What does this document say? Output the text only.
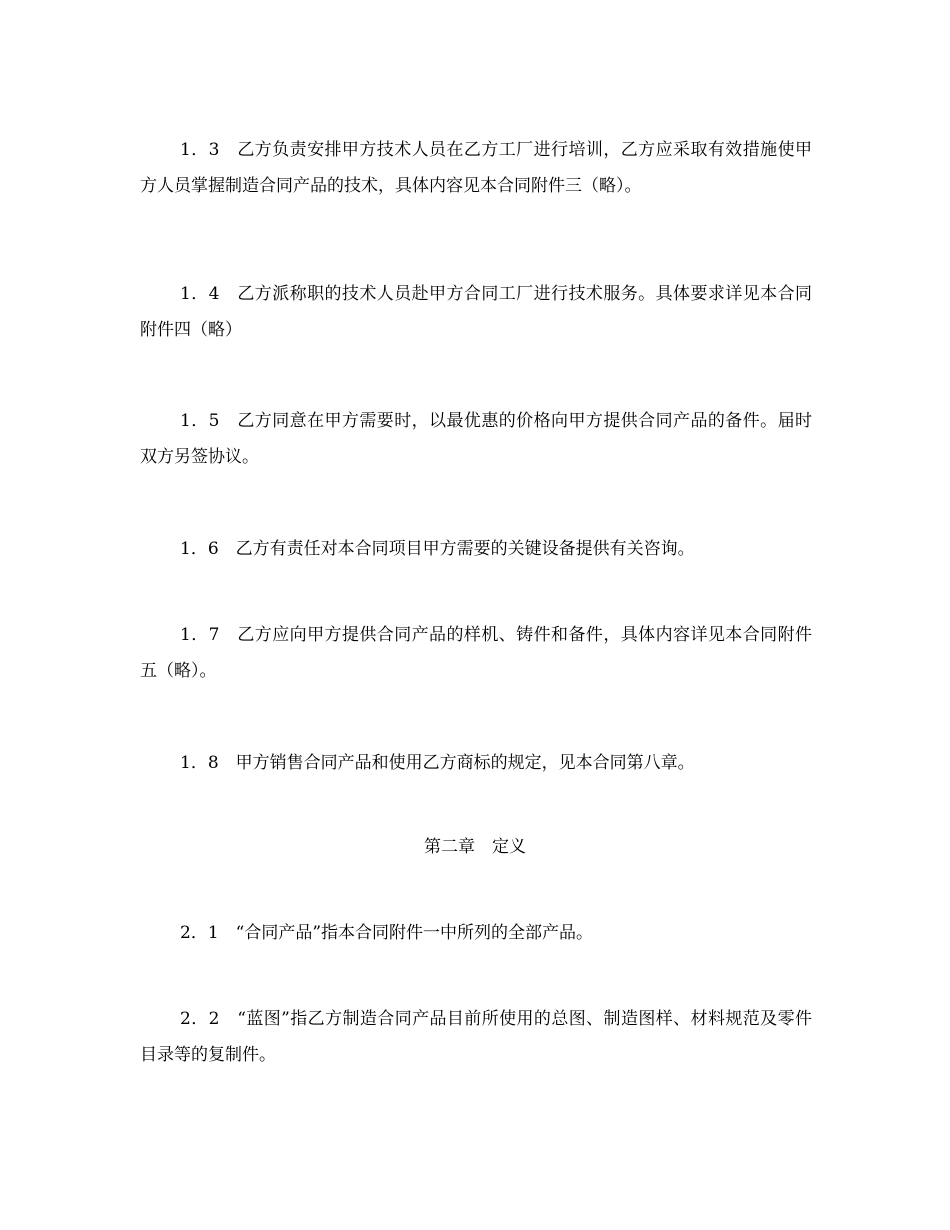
1．3　 乙方负责安排甲方技术人员在乙方工厂进行培训，乙方应采取有效措施使甲方人员掌握制造合同产品的技术，具体内容见本合同附件三（略）。

1．4　 乙方派称职的技术人员赴甲方合同工厂进行技术服务。具体要求详见本合同附件四（略）

1．5　 乙方同意在甲方需要时，以最优惠的价格向甲方提供合同产品的备件。届时双方另签协议。

1．6　 乙方有责任对本合同项目甲方需要的关键设备提供有关咨询。

1．7　 乙方应向甲方提供合同产品的样机、铸件和备件，具体内容详见本合同附件五（略）。

1．8　 甲方销售合同产品和使用乙方商标的规定，见本合同第八章。

第二章　定义

2．1　 “合同产品”指本合同附件一中所列的全部产品。

2．2　 “蓝图”指乙方制造合同产品目前所使用的总图、制造图样、材料规范及零件目录等的复制件。
